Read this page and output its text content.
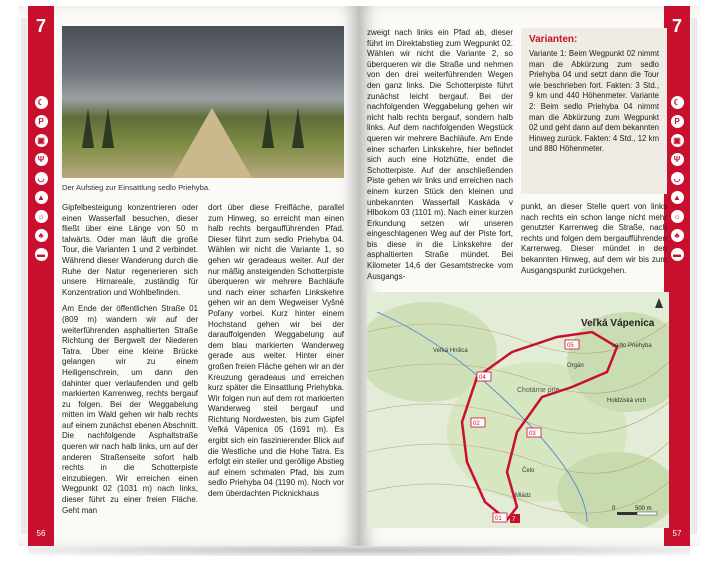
7
☾
P
▣
Ψ
◡
▲
☼
♣
▬
56
Der Aufstieg zur Einsattlung sedlo Priehyba.

Gipfelbesteigung konzentrieren oder einen Wasserfall besuchen, dieser fließt über eine Länge von 50 m talwärts. Oder man läuft die große Tour, die Varianten 1 und 2 verbindet. Während dieser Wanderung durch die Ruhe der Natur regenerieren sich unsere Hirnareale, zuständig für Konzentration und Wohlbefinden.

Am Ende der öffentlichen Straße 01 (809 m) wandern wir auf der weiterführenden asphaltierten Straße Richtung der Bergwelt der Niederen Tatra. Über eine kleine Brücke gelangen wir zu einem Heiligenschrein, um dann den dahinter quer verlaufenden und gelb markierten Karrenweg, rechts bergauf zu folgen. Bei der Weggabelung mitten im Wald gehen wir halb rechts auf einem zunächst ebenen Abschnitt. Die nachfolgende Asphaltstraße queren wir nach halb links, um auf der anderen Straßenseite sofort halb rechts in die Schotterpiste einzubiegen. Wir erreichen einen Wegpunkt 02 (1031 m) nach links, dieser führt zu einer freien Fläche. Geht man

dort über diese Freifläche, parallel zum Hinweg, so erreicht man einen halb rechts bergaufführenden Pfad. Dieser führt zum sedlo Priehyba 04. Wählen wir nicht die Variante 1, so gehen wir geradeaus weiter. Auf der nur mäßig ansteigenden Schotterpiste überqueren wir mehrere Bachläufe und nach einer scharfen Linkskehre gehen wir an dem Wegweiser Vyšné Poľany vorbei. Kurz hinter einem Hochstand gehen wir bei der darauffolgenden Weggabelung auf dem blau markierten Wanderweg gerade aus weiter. Hinter einer großen freien Fläche gehen wir an der Kreuzung geradeaus und erreichen kurz später die Einsattlung Priehybka. Wir folgen nun auf dem rot markierten Wanderweg steil bergauf und Richtung Nordwesten, bis zum Gipfel Veľká Vápenica 05 (1691 m). Es ergibt sich ein faszinierender Blick auf die Westliche und die Hohe Tatra. Es erfolgt ein steiler und geröllige Abstieg auf einem schmalen Pfad, bis zum sedlo Priehyba 04 (1190 m). Noch vor dem überdachten Picknickhaus

7
☾
P
▣
Ψ
◡
▲
☼
♣
▬
57

zweigt nach links ein Pfad ab, dieser führt im Direktabstieg zum Wegpunkt 02. Wählen wir nicht die Variante 2, so überqueren wir die Straße und nehmen von den drei weiterführenden Wegen den ganz links. Die Schotterpiste führt zunächst leicht bergauf. Bei der nachfolgenden Weggabelung gehen wir nicht halb rechts bergauf, sondern halb links. Auf dem nachfolgenden Wegstück queren wir mehrere Bachläufe. Am Ende einer scharfen Linkskehre, hier befindet sich auch eine Holzhütte, endet die Schotterpiste. Auf der anschließenden Piste gehen wir links und erreichen nach einem kurzen Stück den kleinen und unbekannten Wasserfall Kaskáda v Hlbokom 03 (1101 m). Nach einer kurzen Erkundung setzen wir unseren eingeschlagenen Weg auf der Piste fort, bis diese in die Linkskehre der asphaltierten Straße mündet. Bei Kilometer 14,6 der Gesamtstrecke vom Ausgangs-

Varianten:
Variante 1: Beim Wegpunkt 02 nimmt man die Abkürzung zum sedlo Priehyba 04 und setzt dann die Tour wie beschrieben fort. Fakten: 3 Std., 9 km und 440 Höhenmeter. Variante 2: Beim sedlo Priehyba 04 nimmt man die Abkürzung zum Wegpunkt 02 und geht dann auf dem bekannten Hinweg zurück. Fakten: 4 Std., 12 km und 880 Höhenmeter.

punkt, an dieser Stelle quert von links nach rechts ein schon lange nicht mehr genutzter Karrenweg die Straße, nach rechts und folgen dem bergaufführenden Karrenweg. Dieser mündet in den bekannten Hinweg, auf dem wir bis zum Ausgangspunkt zurückgehen.

Veľká Vápenica
Veľká Hnilica
sedlo Priehyba
Chotárne prie
Holdziská vrch
Orgán
Čelo
Mládz
01
02
03
04
05
7
0	500 m
